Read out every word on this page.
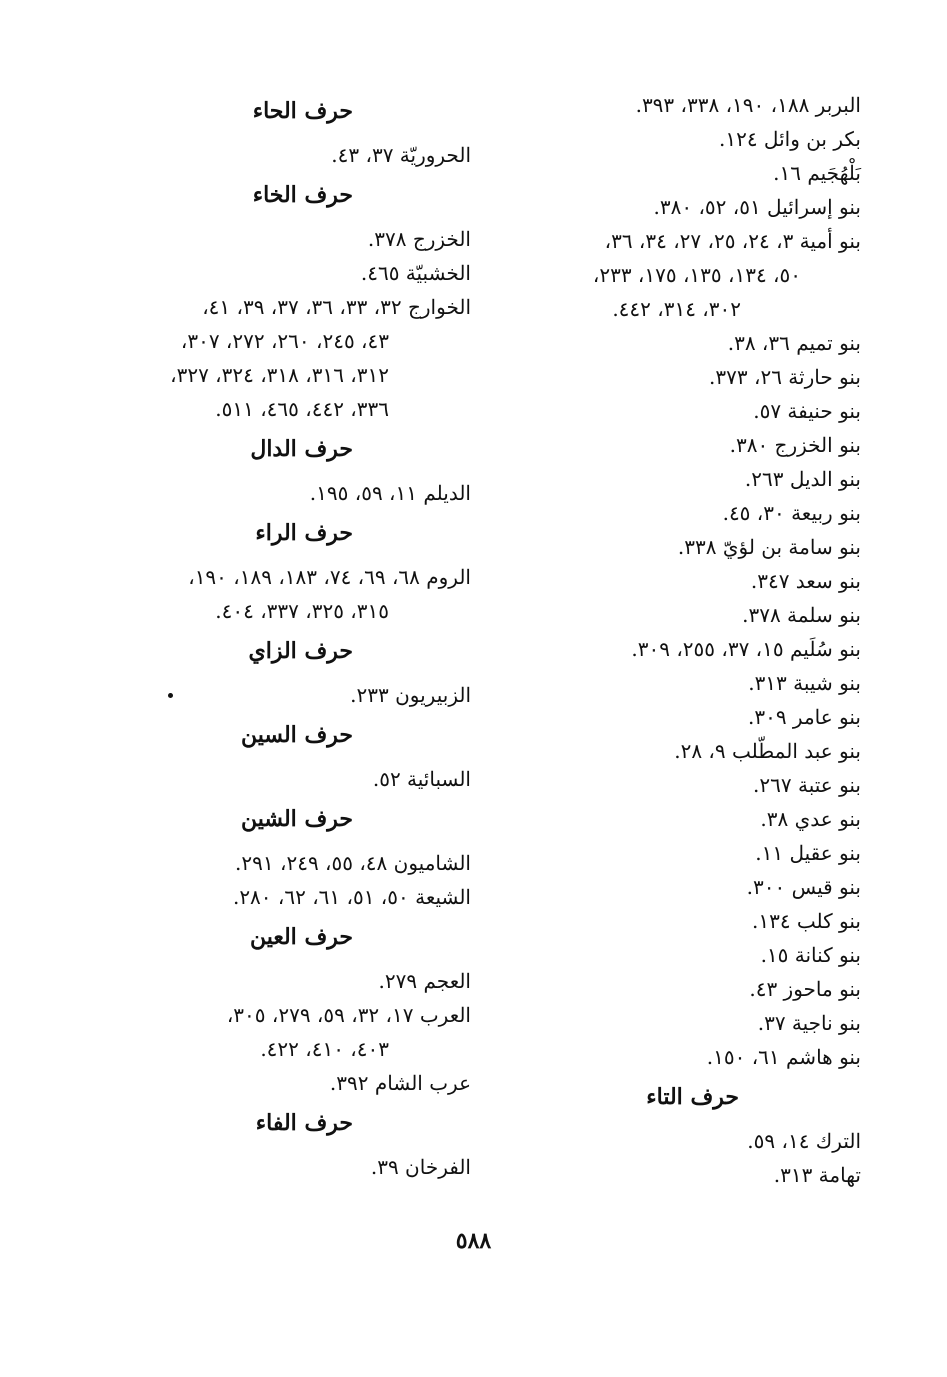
البربر ١٨٨، ١٩٠، ٣٣٨، ٣٩٣.
بكر بن وائل ١٢٤.
بَلْهُجَيم ١٦.
بنو إسرائيل ٥١، ٥٢، ٣٨٠.
بنو أمية ٣، ٢٤، ٢٥، ٢٧، ٣٤، ٣٦،
٥٠، ١٣٤، ١٣٥، ١٧٥، ٢٣٣،
٣٠٢، ٣١٤، ٤٤٢.
بنو تميم ٣٦، ٣٨.
بنو حارثة ٢٦، ٣٧٣.
بنو حنيفة ٥٧.
بنو الخزرج ٣٨٠.
بنو الديل ٢٦٣.
بنو ربيعة ٣٠، ٤٥.
بنو سامة بن لؤيّ ٣٣٨.
بنو سعد ٣٤٧.
بنو سلمة ٣٧٨.
بنو سُلَيم ١٥، ٣٧، ٢٥٥، ٣٠٩.
بنو شيبة ٣١٣.
بنو عامر ٣٠٩.
بنو عبد المطّلب ٩، ٢٨.
بنو عتبة ٢٦٧.
بنو عدي ٣٨.
بنو عقيل ١١.
بنو قيس ٣٠٠.
بنو كلب ١٣٤.
بنو كنانة ١٥.
بنو ماحوز ٤٣.
بنو ناجية ٣٧.
بنو هاشم ٦١، ١٥٠.
حرف التاء
الترك ١٤، ٥٩.
تهامة ٣١٣.
حرف الحاء
الحروريّة ٣٧، ٤٣.
حرف الخاء
الخزرج ٣٧٨.
الخشبيّة ٤٦٥.
الخوارج ٣٢، ٣٣، ٣٦، ٣٧، ٣٩، ٤١،
٤٣، ٢٤٥، ٢٦٠، ٢٧٢، ٣٠٧،
٣١٢، ٣١٦، ٣١٨، ٣٢٤، ٣٢٧،
٣٣٦، ٤٤٢، ٤٦٥، ٥١١.
حرف الدال
الديلم ١١، ٥٩، ١٩٥.
حرف الراء
الروم ٦٨، ٦٩، ٧٤، ١٨٣، ١٨٩، ١٩٠،
٣١٥، ٣٢٥، ٣٣٧، ٤٠٤.
حرف الزاي
الزبيريون ٢٣٣.
حرف السين
السبائية ٥٢.
حرف الشين
الشاميون ٤٨، ٥٥، ٢٤٩، ٢٩١.
الشيعة ٥٠، ٥١، ٦١، ٦٢، ٢٨٠.
حرف العين
العجم ٢٧٩.
العرب ١٧، ٣٢، ٥٩، ٢٧٩، ٣٠٥،
٤٠٣، ٤١٠، ٤٢٢.
عرب الشام ٣٩٢.
حرف الفاء
الفرخان ٣٩.
٥٨٨
